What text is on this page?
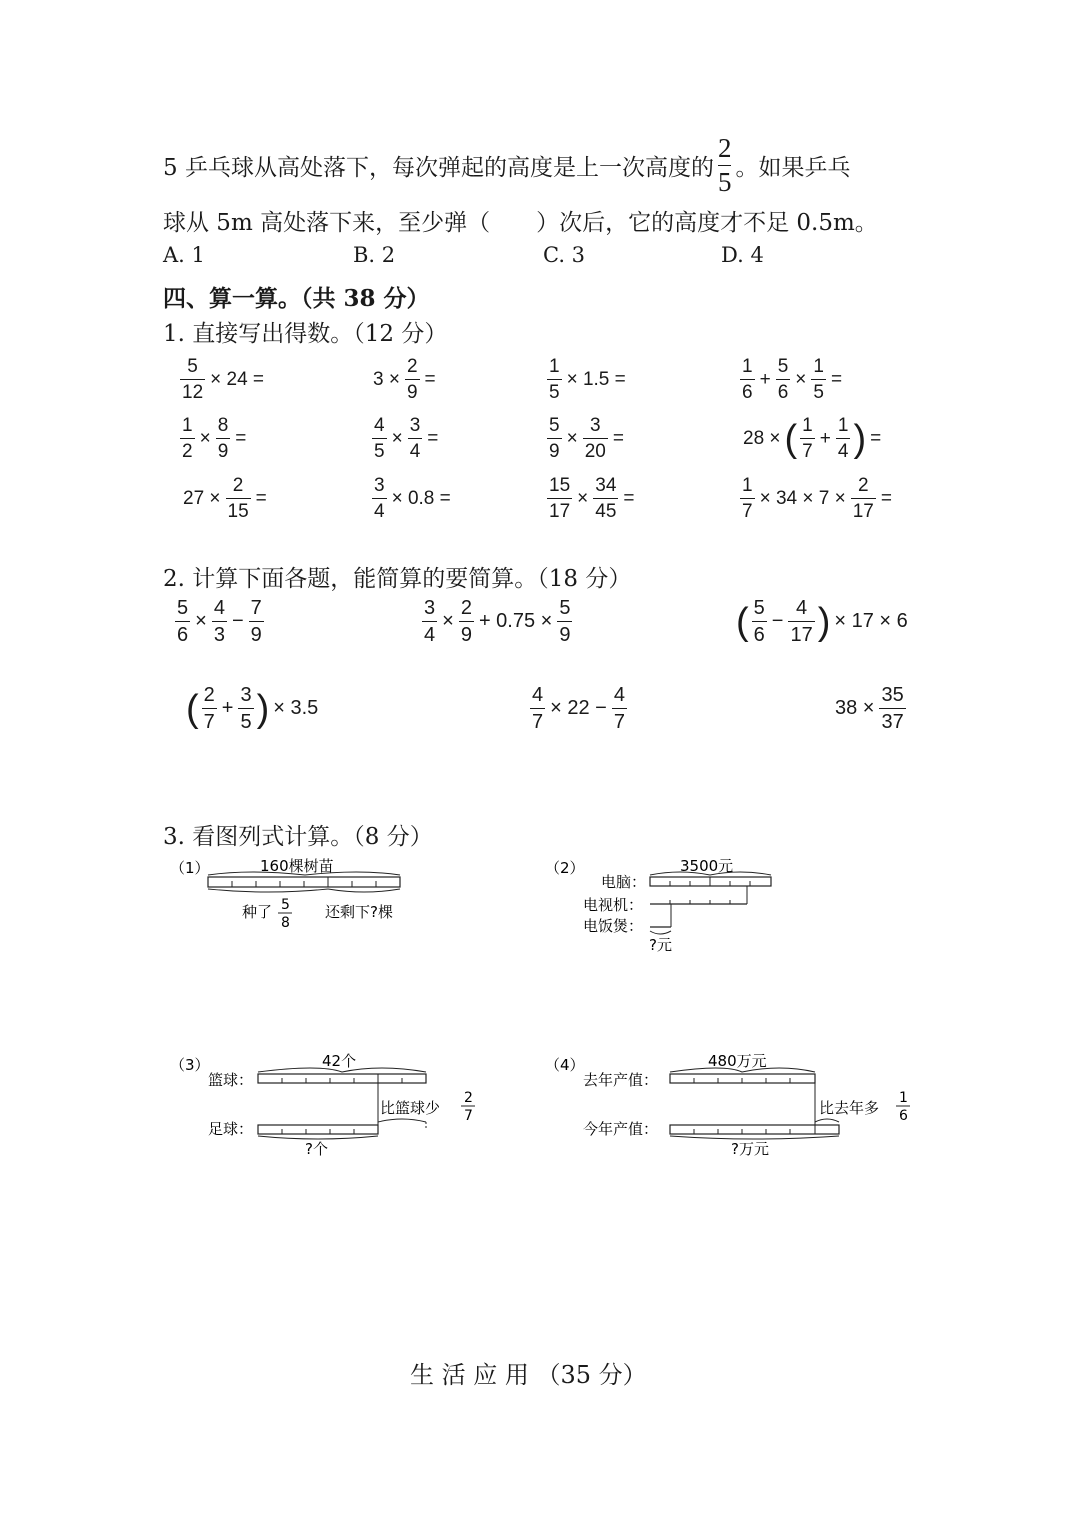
5 乒乓球从高处落下，每次弹起的高度是上一次高度的 $\frac{2}{5}$ 。如果乒乓
球从 5m 高处落下来，至少弹（　　）次后，它的高度才不足 0.5m。
A. 1	B. 2	C. 3	D. 4
四、算一算。（共 38 分）
1. 直接写出得数。（12 分）
$\frac{5}{12} \times 24$ =	$3 \times \frac{2}{9}$ =	$\frac{1}{5} \times 1.5$ =	$\frac{1}{6} + \frac{5}{6} \times \frac{1}{5}$ =
$\frac{1}{2} \times \frac{8}{9}$ =	$\frac{4}{5} \times \frac{3}{4}$ =	$\frac{5}{9} \times \frac{3}{20}$ =	28 × ( $\frac{1}{7} + \frac{1}{4}$ ) =
$27 \times \frac{2}{15}$ =	$\frac{3}{4} \times 0.8$ =	$\frac{15}{17} \times \frac{34}{45}$ =	$\frac{1}{7} \times 34 \times 7 \times \frac{2}{17}$ =
2. 计算下面各题，能简算的要简算。（18 分）
$\frac{5}{6} \times \frac{4}{3} - \frac{7}{9}$	$\frac{3}{4} \times \frac{2}{9} + 0.75 \times \frac{5}{9}$	( $\frac{5}{6} - \frac{4}{17}$ ) × 17 × 6
( $\frac{2}{7} + \frac{3}{5}$ ) × 3.5	$\frac{4}{7} \times 22 - \frac{4}{7}$	$38 \times \frac{35}{37}$
3. 看图列式计算。（8 分）
（1）	160棵树苗
种了 5
8
还剩下?棵
（2）	3500元
电脑：
电视机：
电饭煲：
?元
（3）	42个
篮球：
比篮球少
2
7
足球：
?个
（4）	480万元
去年产值：
比去年多
1
6
今年产值：
?万元
生 活 应 用 （35 分）
